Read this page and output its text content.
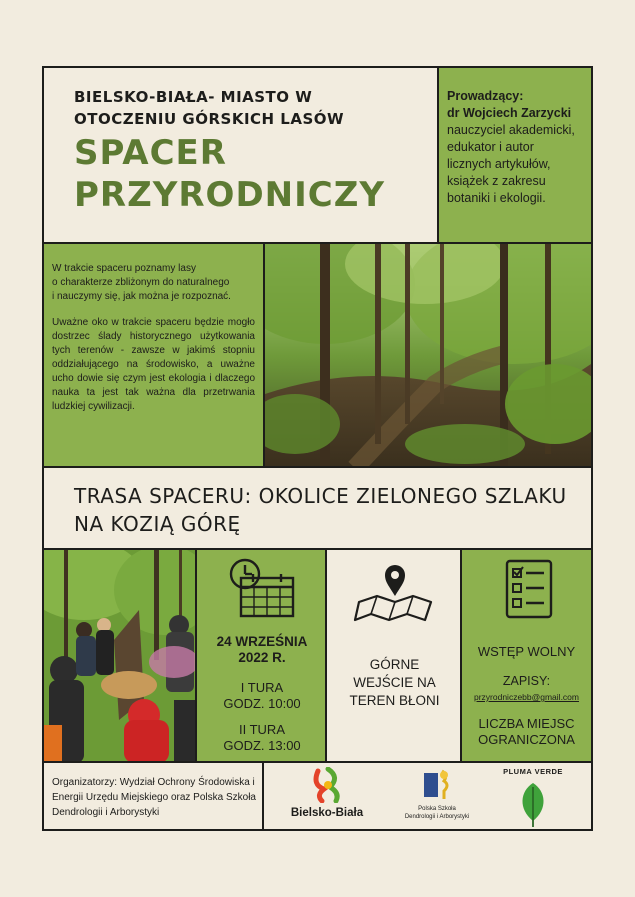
BIELSKO-BIAŁA- MIASTO W
OTOCZENIU GÓRSKICH LASÓW
SPACER
PRZYRODNICZY
Prowadzący:
dr Wojciech Zarzycki
nauczyciel akademicki,
edukator i autor
licznych artykułów,
książek z zakresu
botaniki i ekologii.

W trakcie spaceru poznamy lasy
o charakterze zbliżonym do naturalnego
i nauczymy się, jak można je rozpoznać.

Uważne oko w trakcie spaceru będzie mogło dostrzec ślady historycznego użytkowania tych terenów - zawsze w jakimś stopniu oddziałującego na środowisko, a uważne ucho dowie się czym jest ekologia i dlaczego nauka ta jest tak ważna dla przetrwania ludzkiej cywilizacji.

TRASA SPACERU: OKOLICE ZIELONEGO SZLAKU
NA KOZIĄ GÓRĘ
24 WRZEŚNIA
2022 R.
I TURA
GODZ. 10:00
II TURA
GODZ. 13:00
GÓRNE
WEJŚCIE NA
TEREN BŁONI
WSTĘP WOLNY
ZAPISY:
przyrodniczebb@gmail.com
LICZBA MIEJSC
OGRANICZONA
Organizatorzy: Wydział Ochrony Środowiska i Energii Urzędu Miejskiego oraz Polska Szkoła Dendrologii i Arborystyki	Bielsko-Biała	Polska Szkoła
Dendrologii i Arborystyki
PLUMA VERDE
